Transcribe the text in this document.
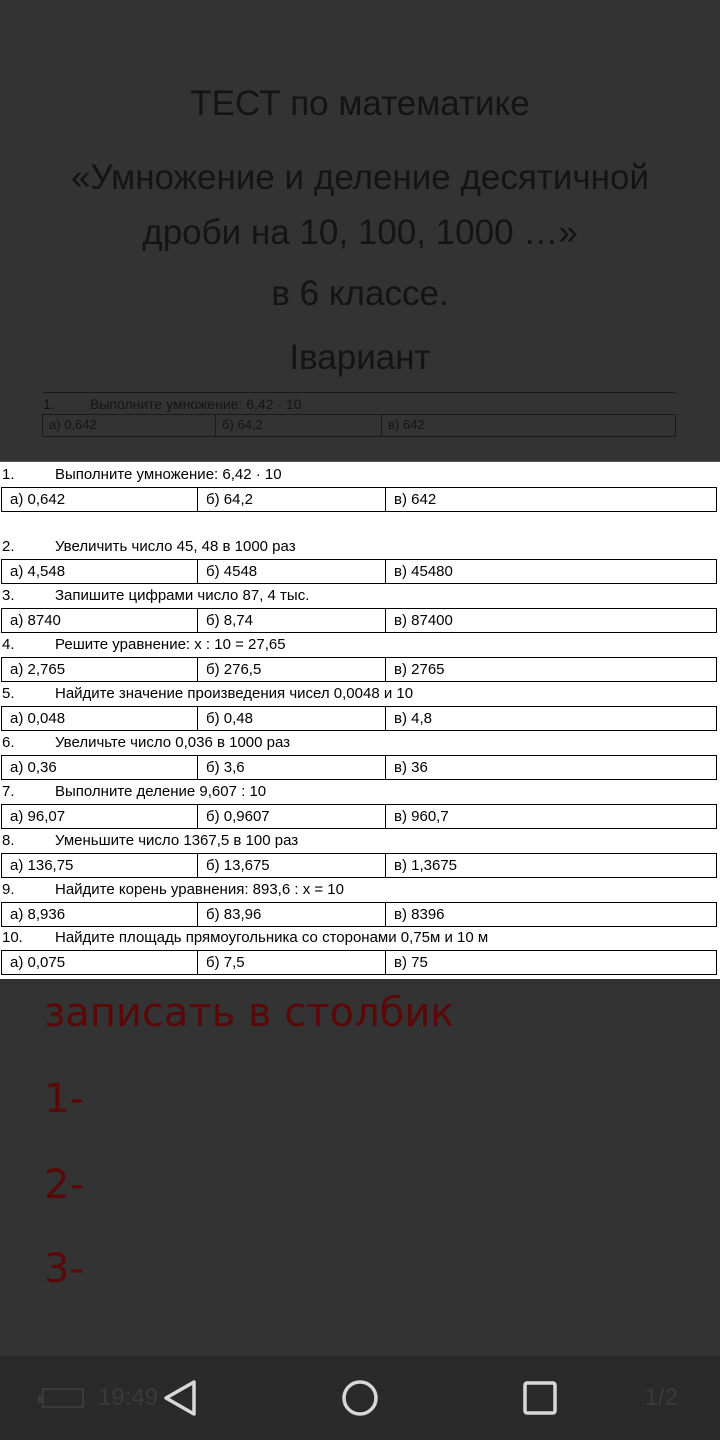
ТЕСТ по математике
«Умножение и деление десятичной дроби на 10, 100, 1000 …»
в 6 классе.
Івариант
1.	Выполните умножение: 6,42 · 10
а) 0,642	б) 64,2	в) 642
1.	Выполните умножение: 6,42 · 10
а) 0,642	б) 64,2	в) 642
2.	Увеличить число 45, 48 в 1000 раз
а) 4,548	б) 4548	в) 45480
3.	Запишите цифрами число 87, 4 тыс.
а) 8740	б) 8,74	в) 87400
4.	Решите уравнение: х : 10 = 27,65
а) 2,765	б) 276,5	в) 2765
5.	Найдите значение произведения чисел 0,0048 и 10
а) 0,048	б) 0,48	в) 4,8
6.	Увеличьте число 0,036 в 1000 раз
а) 0,36	б) 3,6	в) 36
7.	Выполните деление 9,607 : 10
а) 96,07	б) 0,9607	в) 960,7
8.	Уменьшите число 1367,5 в 100 раз
а) 136,75	б) 13,675	в) 1,3675
9.	Найдите корень уравнения: 893,6 : х = 10
а) 8,936	б) 83,96	в) 8396
10. Найдите площадь прямоугольника со сторонами 0,75м и 10 м
а) 0,075	б) 7,5	в) 75
записать в столбик
1-
2-
3-
19:49	1/2
